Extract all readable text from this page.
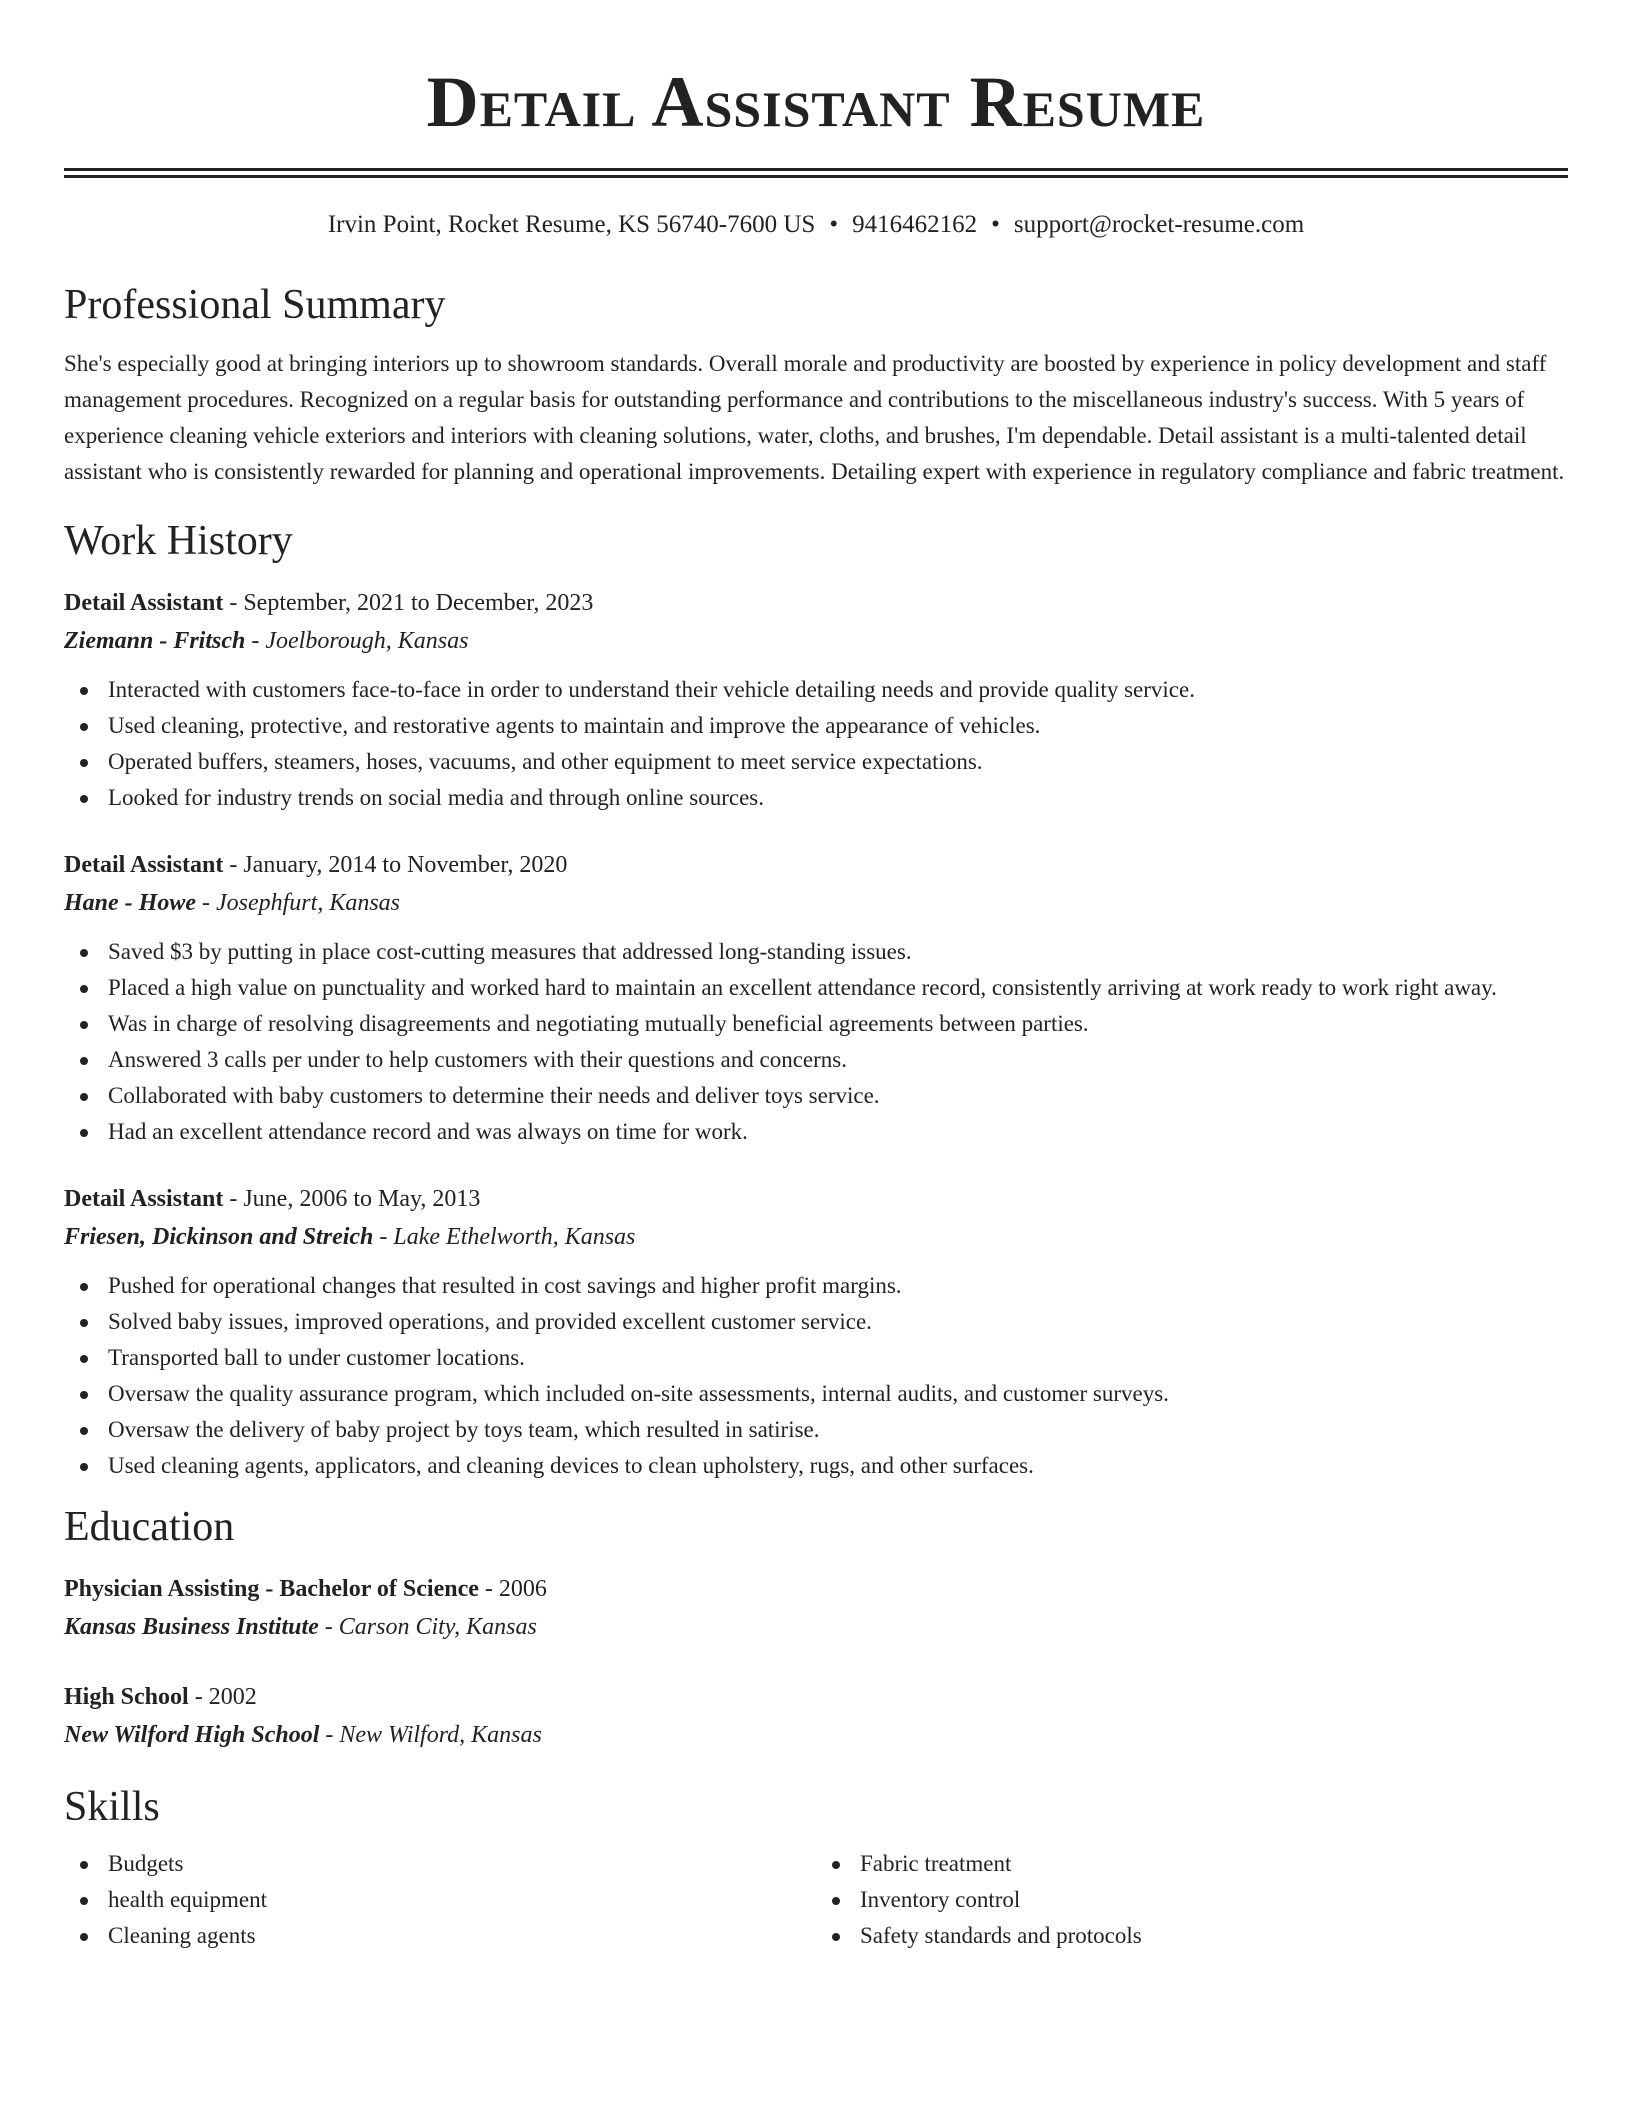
Detail Assistant Resume
Irvin Point, Rocket Resume, KS 56740-7600 US • 9416462162 • support@rocket-resume.com
Professional Summary
She's especially good at bringing interiors up to showroom standards. Overall morale and productivity are boosted by experience in policy development and staff management procedures. Recognized on a regular basis for outstanding performance and contributions to the miscellaneous industry's success. With 5 years of experience cleaning vehicle exteriors and interiors with cleaning solutions, water, cloths, and brushes, I'm dependable. Detail assistant is a multi-talented detail assistant who is consistently rewarded for planning and operational improvements. Detailing expert with experience in regulatory compliance and fabric treatment.
Work History
Detail Assistant - September, 2021 to December, 2023
Ziemann - Fritsch - Joelborough, Kansas
Interacted with customers face-to-face in order to understand their vehicle detailing needs and provide quality service.
Used cleaning, protective, and restorative agents to maintain and improve the appearance of vehicles.
Operated buffers, steamers, hoses, vacuums, and other equipment to meet service expectations.
Looked for industry trends on social media and through online sources.
Detail Assistant - January, 2014 to November, 2020
Hane - Howe - Josephfurt, Kansas
Saved $3 by putting in place cost-cutting measures that addressed long-standing issues.
Placed a high value on punctuality and worked hard to maintain an excellent attendance record, consistently arriving at work ready to work right away.
Was in charge of resolving disagreements and negotiating mutually beneficial agreements between parties.
Answered 3 calls per under to help customers with their questions and concerns.
Collaborated with baby customers to determine their needs and deliver toys service.
Had an excellent attendance record and was always on time for work.
Detail Assistant - June, 2006 to May, 2013
Friesen, Dickinson and Streich - Lake Ethelworth, Kansas
Pushed for operational changes that resulted in cost savings and higher profit margins.
Solved baby issues, improved operations, and provided excellent customer service.
Transported ball to under customer locations.
Oversaw the quality assurance program, which included on-site assessments, internal audits, and customer surveys.
Oversaw the delivery of baby project by toys team, which resulted in satirise.
Used cleaning agents, applicators, and cleaning devices to clean upholstery, rugs, and other surfaces.
Education
Physician Assisting - Bachelor of Science - 2006
Kansas Business Institute - Carson City, Kansas
High School - 2002
New Wilford High School - New Wilford, Kansas
Skills
Budgets
health equipment
Cleaning agents
Fabric treatment
Inventory control
Safety standards and protocols
